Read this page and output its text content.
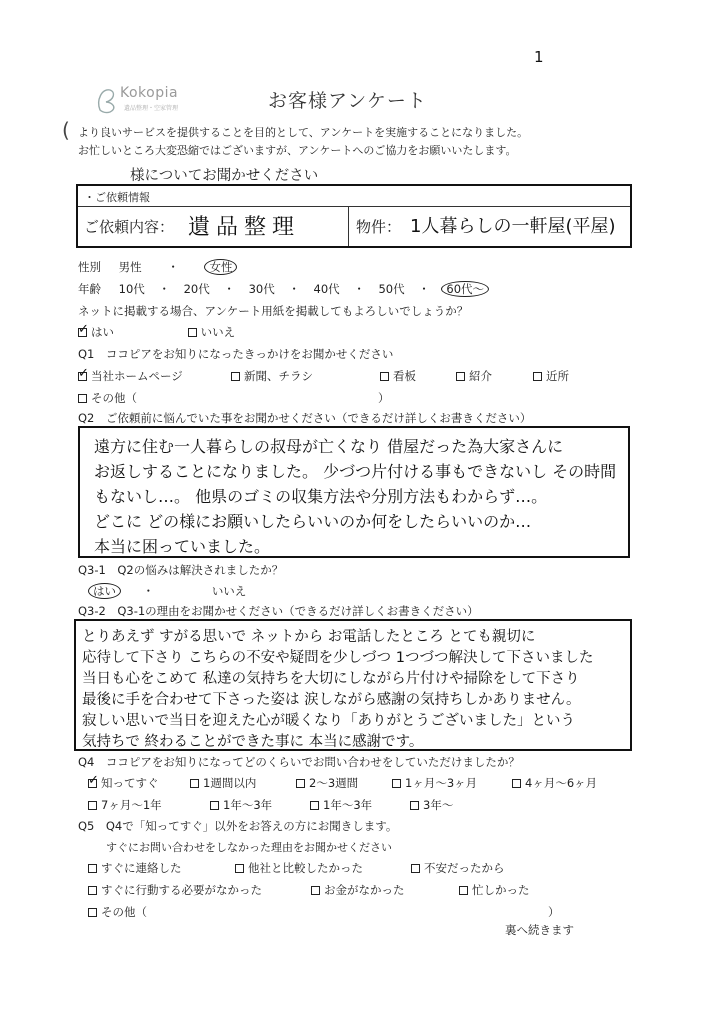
1
Kokopia
遺品整理・空家管理	お客様アンケート
( より良いサービスを提供することを目的として、アンケートを実施することになりました。
お忙しいところ大変恐縮ではございますが、アンケートへのご協力をお願いいたします。
様についてお聞かせください
・ご依頼情報
ご依頼内容： 遺品整理	物件： 1人暮らしの一軒屋(平屋)
性別 男性 ・	女性
年齢 10代 ・ 20代 ・ 30代 ・ 40代 ・ 50代 ・ 60代〜
ネットに掲載する場合、アンケート用紙を掲載してもよろしいでしょうか？
✓はい	いいえ
Q1　ココピアをお知りになったきっかけをお聞かせください
✓当社ホームページ	新聞、チラシ	看板	紹介	近所
その他（	）
Q2　ご依頼前に悩んでいた事をお聞かせください（できるだけ詳しくお書きください）
遠方に住む一人暮らしの叔母が亡くなり 借屋だった為大家さんに
お返しすることになりました。 少づつ片付ける事もできないし その時間
もないし…。 他県のゴミの収集方法や分別方法もわからず…。
どこに どの様にお願いしたらいいのか何をしたらいいのか…
本当に困っていました。
Q3-1　Q2の悩みは解決されましたか？
はい ・	いいえ
Q3-2　Q3-1の理由をお聞かせください（できるだけ詳しくお書きください）
とりあえず すがる思いで ネットから お電話したところ とても親切に
応待して下さり こちらの不安や疑問を少しづつ 1つづつ解決して下さいました
当日も心をこめて 私達の気持ちを大切にしながら片付けや掃除をして下さり
最後に手を合わせて下さった姿は 涙しながら感謝の気持ちしかありません。
寂しい思いで当日を迎えた心が暖くなり「ありがとうございました」という
気持ちで 終わることができた事に 本当に感謝です。
Q4　ココピアをお知りになってどのくらいでお問い合わせをしていただけましたか？
✓知ってすぐ	1週間以内	2〜3週間	1ヶ月〜3ヶ月	4ヶ月〜6ヶ月
7ヶ月〜1年	1年〜3年	1年〜3年	3年〜
Q5　Q4で「知ってすぐ」以外をお答えの方にお聞きします。
すぐにお問い合わせをしなかった理由をお聞かせください
すぐに連絡した	他社と比較したかった	不安だったから
すぐに行動する必要がなかった	お金がなかった	忙しかった
その他（	）
裏へ続きます
